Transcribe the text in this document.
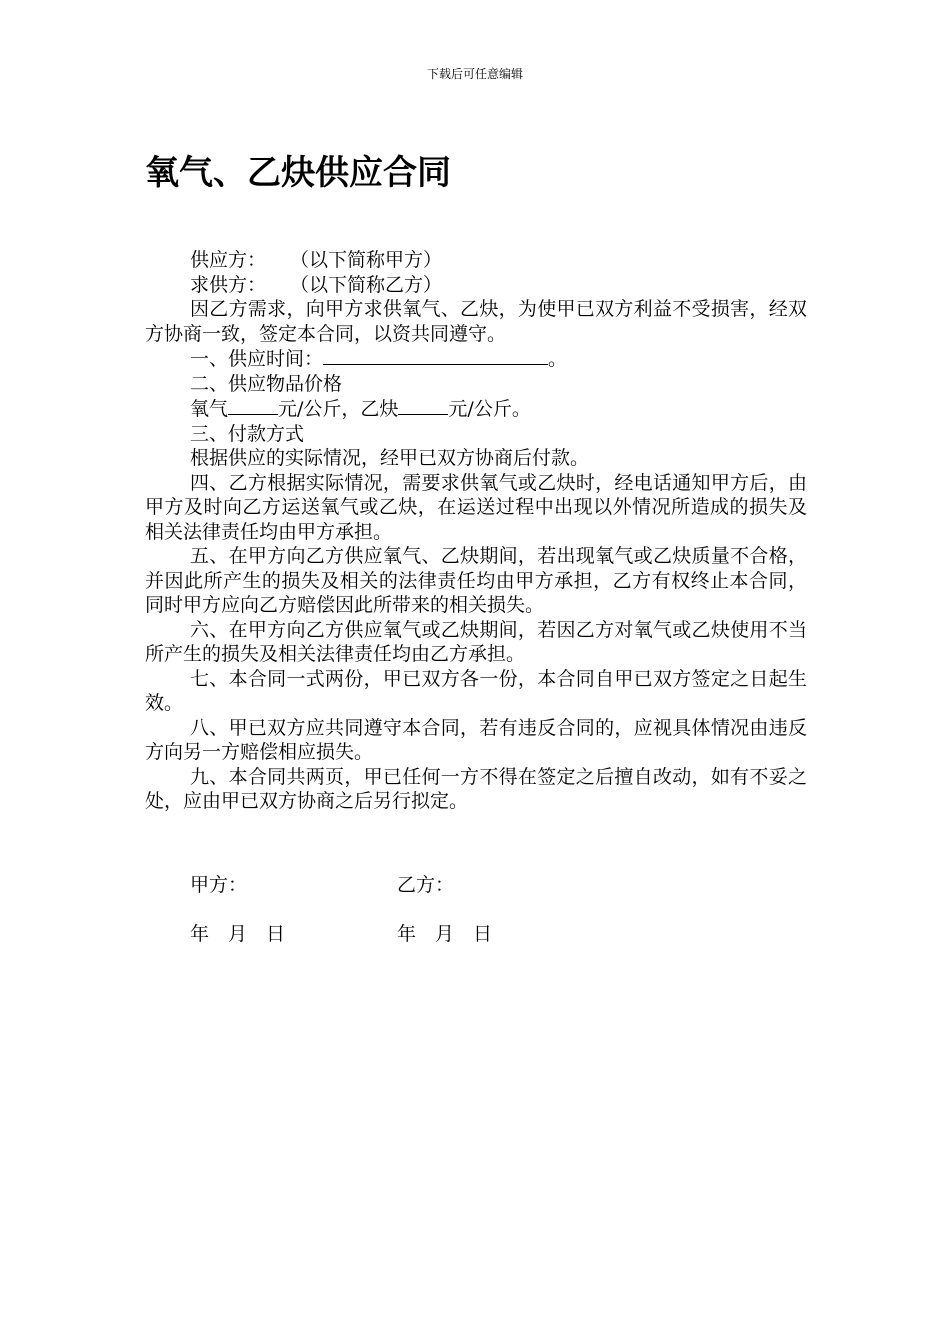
下载后可任意编辑
氧气、乙炔供应合同
供应方： （以下简称甲方）
求供方： （以下简称乙方）
因乙方需求，向甲方求供氧气、乙炔，为使甲已双方利益不受损害，经双方协商一致，签定本合同，以资共同遵守。
一、供应时间：	。
二、供应物品价格
氧气	元/公斤，乙炔	元/公斤。
三、付款方式
根据供应的实际情况，经甲已双方协商后付款。
四、乙方根据实际情况，需要求供氧气或乙炔时，经电话通知甲方后，由甲方及时向乙方运送氧气或乙炔，在运送过程中出现以外情况所造成的损失及相关法律责任均由甲方承担。
五、在甲方向乙方供应氧气、乙炔期间，若出现氧气或乙炔质量不合格，并因此所产生的损失及相关的法律责任均由甲方承担，乙方有权终止本合同，同时甲方应向乙方赔偿因此所带来的相关损失。
六、在甲方向乙方供应氧气或乙炔期间，若因乙方对氧气或乙炔使用不当所产生的损失及相关法律责任均由乙方承担。
七、本合同一式两份，甲已双方各一份，本合同自甲已双方签定之日起生效。
八、甲已双方应共同遵守本合同，若有违反合同的，应视具体情况由违反方向另一方赔偿相应损失。
九、本合同共两页，甲已任何一方不得在签定之后擅自改动，如有不妥之处，应由甲已双方协商之后另行拟定。
甲方：	乙方：
年　月　日	年　月　日
